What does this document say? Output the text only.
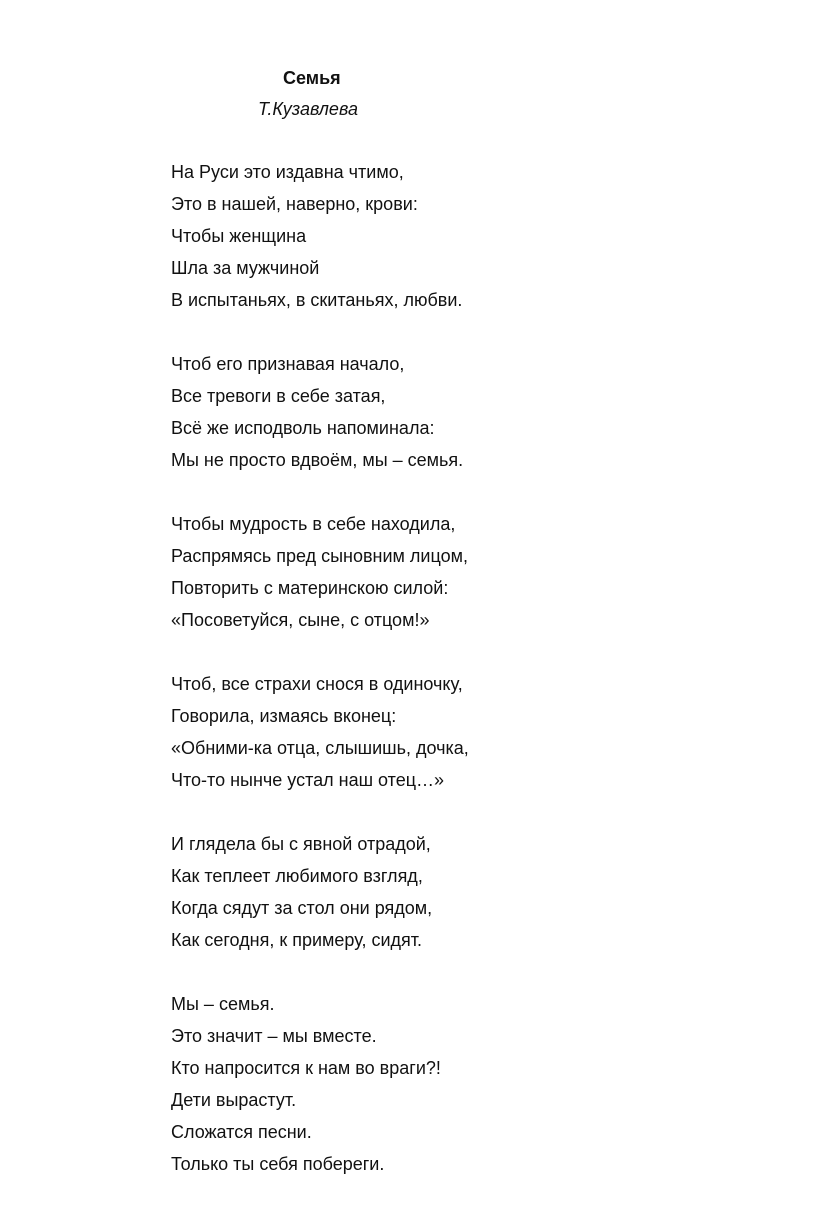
Семья

Т.Кузавлева

На Руси это издавна чтимо,
Это в нашей, наверно, крови:
Чтобы женщина
Шла за мужчиной
В испытаньях, в скитаньях, любви.
Чтоб его признавая начало,
Все тревоги в себе затая,
Всё же исподволь напоминала:
Мы не просто вдвоём, мы – семья.
Чтобы мудрость в себе находила,
Распрямясь пред сыновним лицом,
Повторить с материнскою силой:
«Посоветуйся, сыне, с отцом!»
Чтоб, все страхи снося в одиночку,
Говорила, измаясь вконец:
«Обними-ка отца, слышишь, дочка,
Что-то нынче устал наш отец…»
И глядела бы с явной отрадой,
Как теплеет любимого взгляд,
Когда сядут за стол они рядом,
Как сегодня, к примеру, сидят.
Мы – семья.
Это значит – мы вместе.
Кто напросится к нам во враги?!
Дети вырастут.
Сложатся песни.
Только ты себя побереги.
